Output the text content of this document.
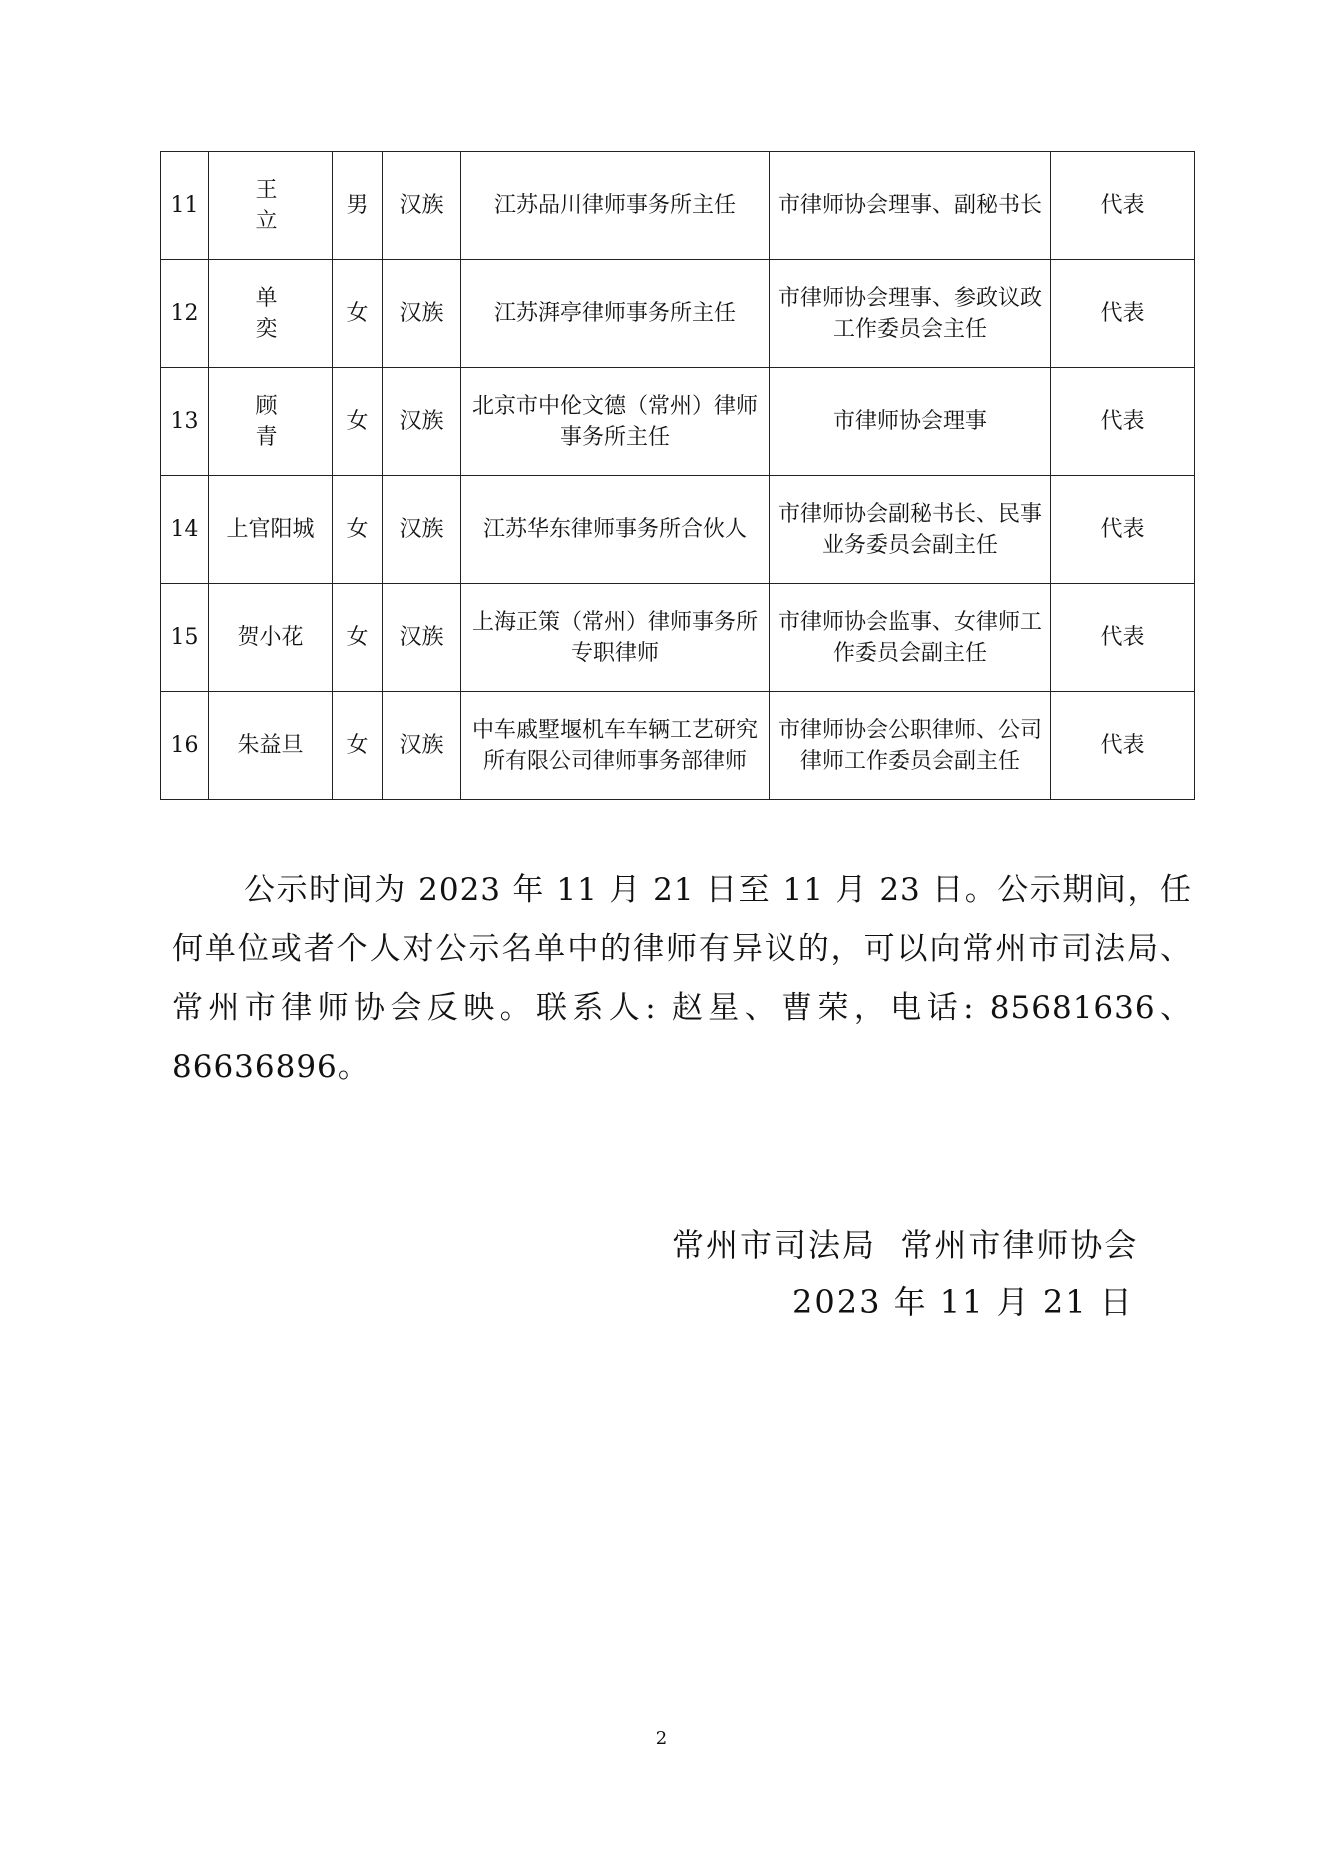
11	王 立	男	汉族	江苏品川律师事务所主任	市律师协会理事、副秘书长	代表
12	单 奕	女	汉族	江苏湃亭律师事务所主任	市律师协会理事、参政议政工作委员会主任	代表
13	顾 青	女	汉族	北京市中伦文德（常州）律师事务所主任	市律师协会理事	代表
14	上官阳城	女	汉族	江苏华东律师事务所合伙人	市律师协会副秘书长、民事业务委员会副主任	代表
15	贺小花	女	汉族	上海正策（常州）律师事务所专职律师	市律师协会监事、女律师工作委员会副主任	代表
16	朱益旦	女	汉族	中车戚墅堰机车车辆工艺研究所有限公司律师事务部律师	市律师协会公职律师、公司律师工作委员会副主任	代表

公示时间为 2023 年 11 月 21 日至 11 月 23 日。公示期间，任何单位或者个人对公示名单中的律师有异议的，可以向常州市司法局、常州市律师协会反映。联系人: 赵星、曹荣，电话: 85681636、86636896。

常州市司法局  常州市律师协会
2023 年 11 月 21 日
2
